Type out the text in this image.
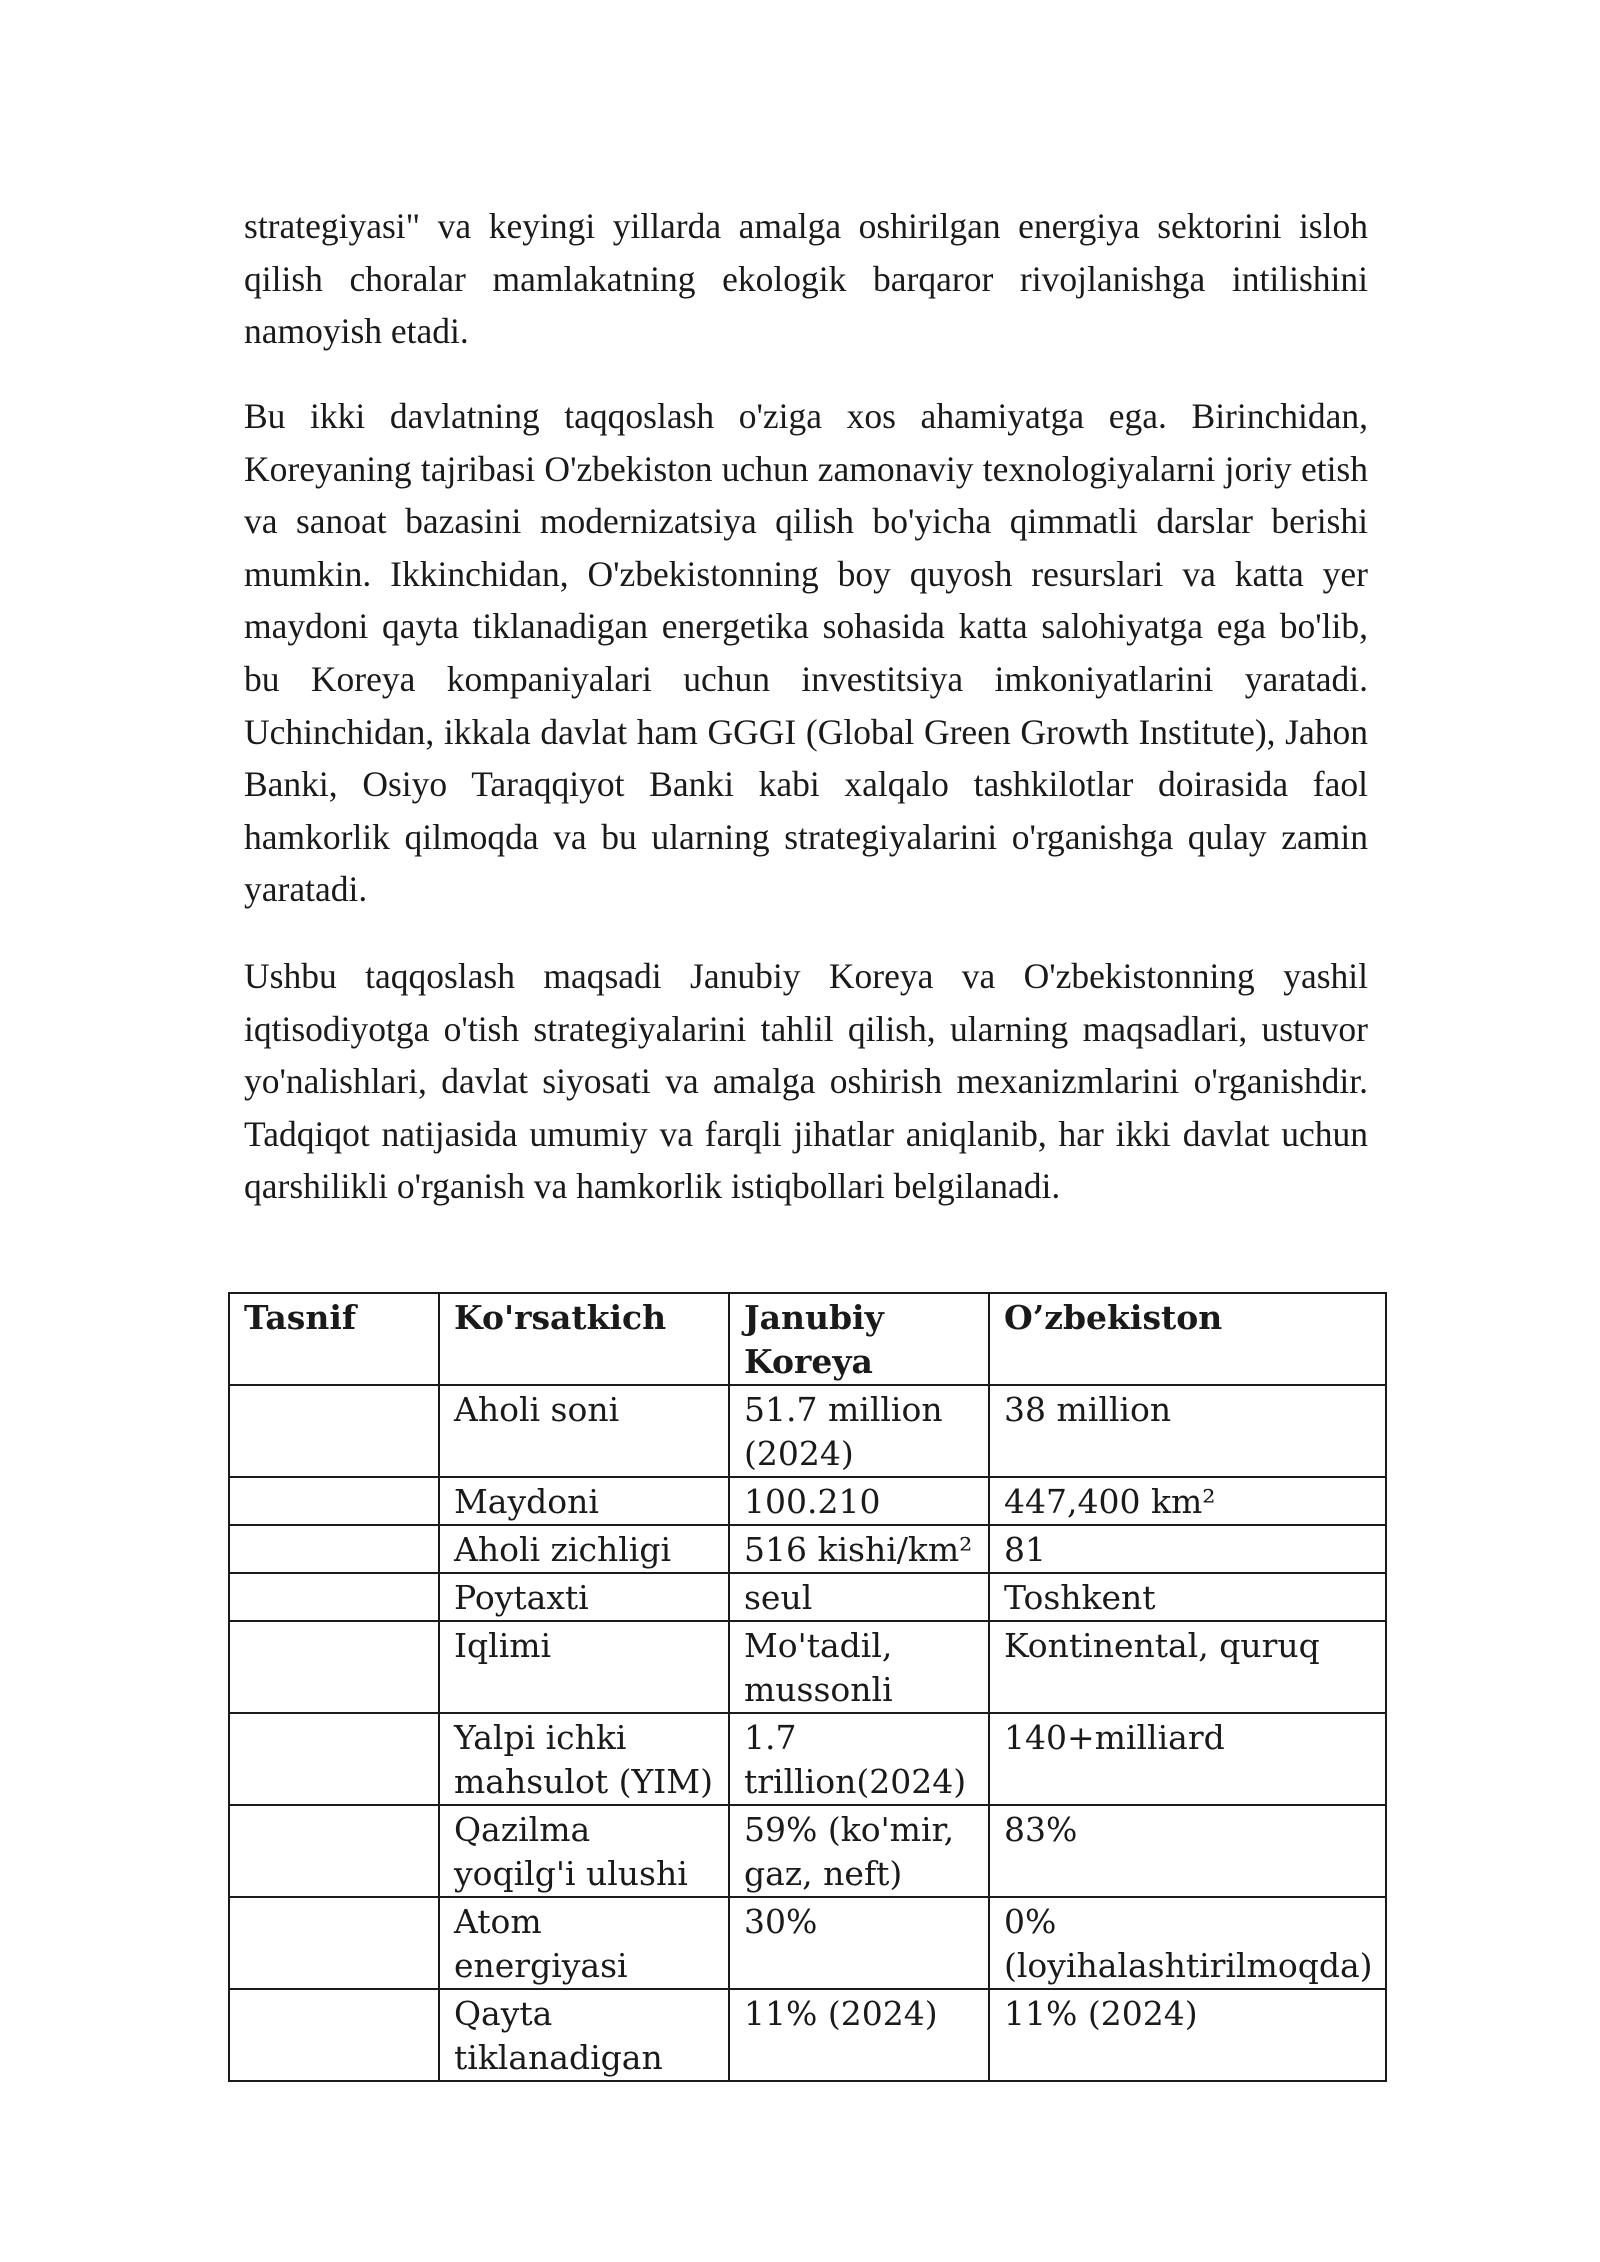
strategiyasi" va keyingi yillarda amalga oshirilgan energiya sektorini isloh qilish choralar mamlakatning ekologik barqaror rivojlanishga intilishini namoyish etadi.

Bu ikki davlatning taqqoslash o'ziga xos ahamiyatga ega. Birinchidan, Koreyaning tajribasi O'zbekiston uchun zamonaviy texnologiyalarni joriy etish va sanoat bazasini modernizatsiya qilish bo'yicha qimmatli darslar berishi mumkin. Ikkinchidan, O'zbekistonning boy quyosh resurslari va katta yer maydoni qayta tiklanadigan energetika sohasida katta salohiyatga ega bo'lib, bu Koreya kompaniyalari uchun investitsiya imkoniyatlarini yaratadi. Uchinchidan, ikkala davlat ham GGGI (Global Green Growth Institute), Jahon Banki, Osiyo Taraqqiyot Banki kabi xalqalo tashkilotlar doirasida faol hamkorlik qilmoqda va bu ularning strategiyalarini o'rganishga qulay zamin yaratadi.

Ushbu taqqoslash maqsadi Janubiy Koreya va O'zbekistonning yashil iqtisodiyotga o'tish strategiyalarini tahlil qilish, ularning maqsadlari, ustuvor yo'nalishlari, davlat siyosati va amalga oshirish mexanizmlarini o'rganishdir. Tadqiqot natijasida umumiy va farqli jihatlar aniqlanib, har ikki davlat uchun qarshilikli o'rganish va hamkorlik istiqbollari belgilanadi.

Tasnif	Ko'rsatkich	Janubiy Koreya	O’zbekiston
	Aholi soni	51.7 million (2024)	38 million
	Maydoni	100.210	447,400 km²
	Aholi zichligi	516 kishi/km²	81
	Poytaxti	seul	Toshkent
	Iqlimi	Mo'tadil, mussonli	Kontinental, quruq
	Yalpi ichki mahsulot (YIM)	1.7 trillion(2024)	140+milliard
	Qazilma yoqilg'i ulushi	59% (ko'mir, gaz, neft)	83%
	Atom energiyasi	30%	0% (loyihalashtirilmoqda)
	Qayta tiklanadigan	11% (2024)	11% (2024)
